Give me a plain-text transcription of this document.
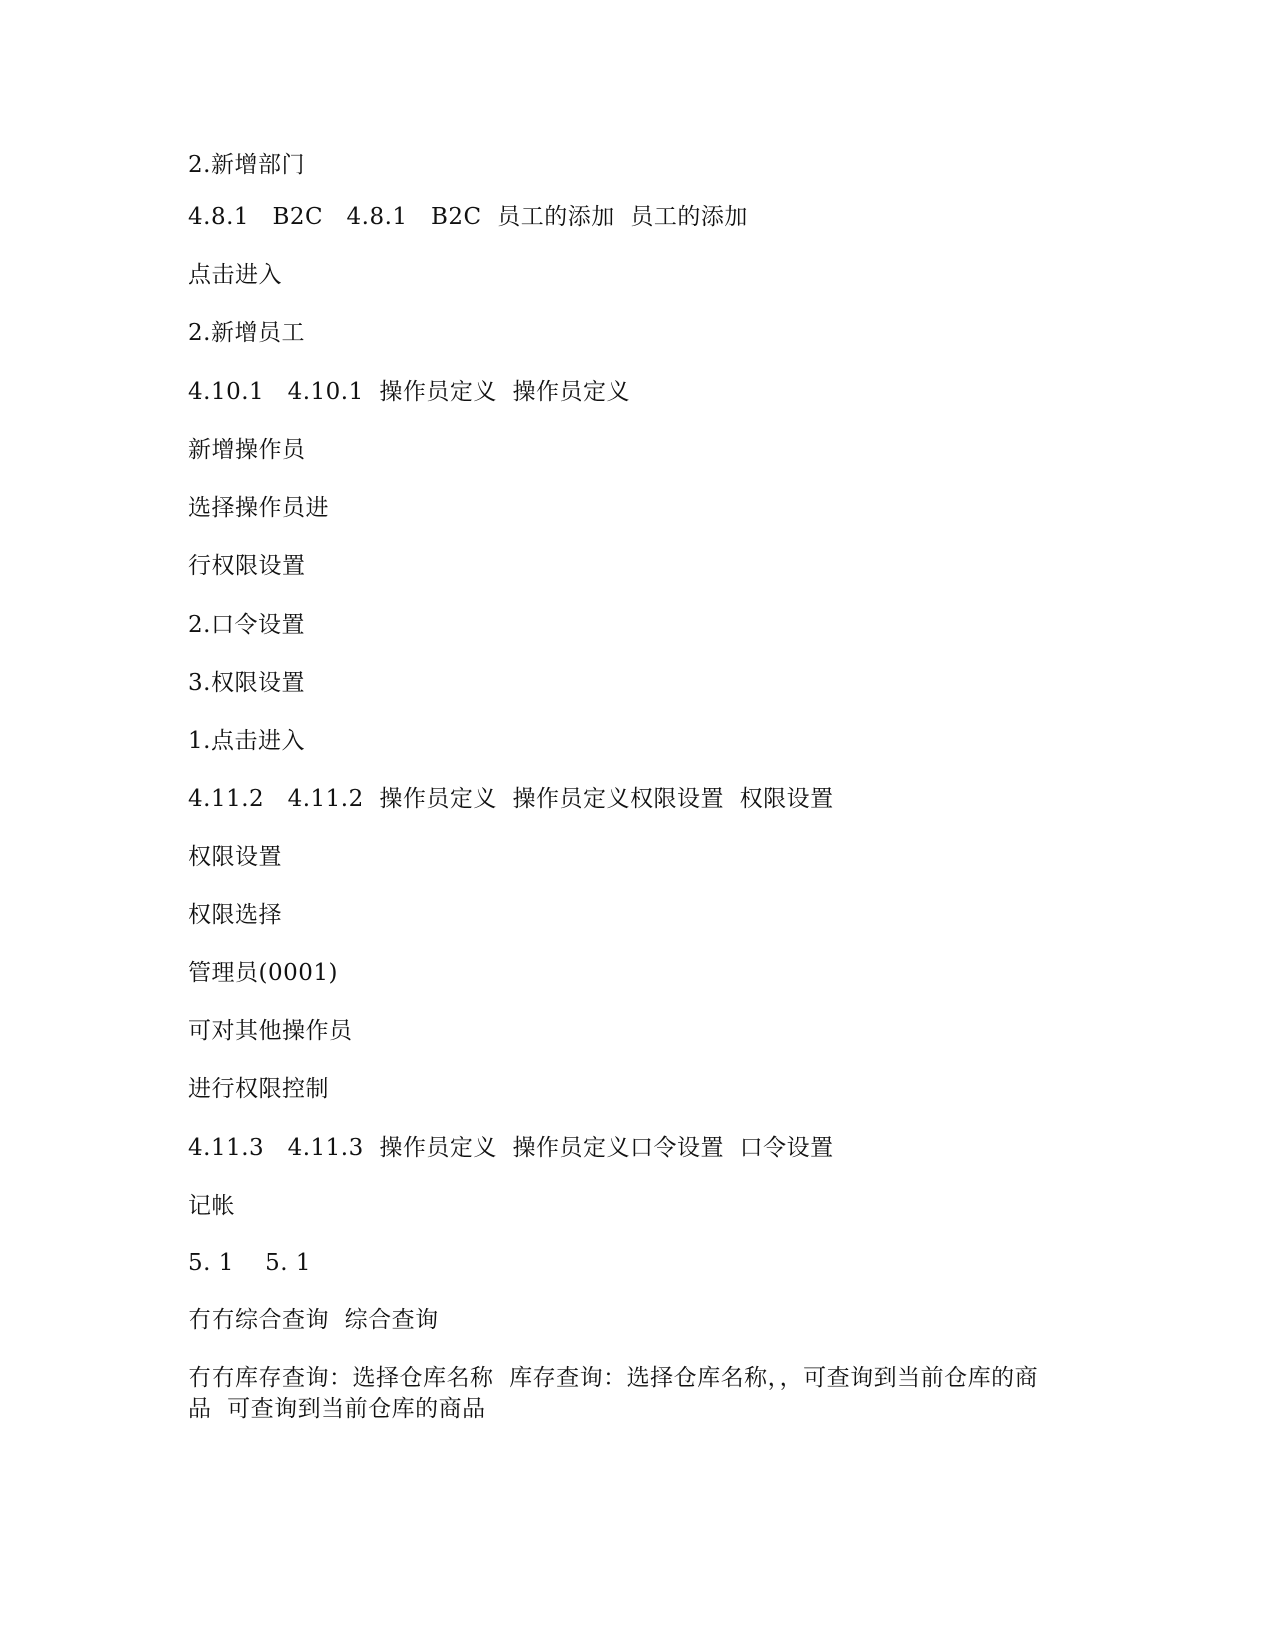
2.新增部门
4.8.1   B2C   4.8.1   B2C  员工的添加  员工的添加
点击进入
2.新增员工
4.10.1   4.10.1  操作员定义  操作员定义
新增操作员
选择操作员进
行权限设置
2.口令设置
3.权限设置
1.点击进入
4.11.2   4.11.2  操作员定义  操作员定义权限设置  权限设置
权限设置
权限选择
管理员(0001)
可对其他操作员
进行权限控制
4.11.3   4.11.3  操作员定义  操作员定义口令设置  口令设置
记帐
5. 1    5. 1
冇冇综合查询  综合查询
冇冇库存查询：选择仓库名称  库存查询：选择仓库名称，，可查询到当前仓库的商品  可查询到当前仓库的商品
